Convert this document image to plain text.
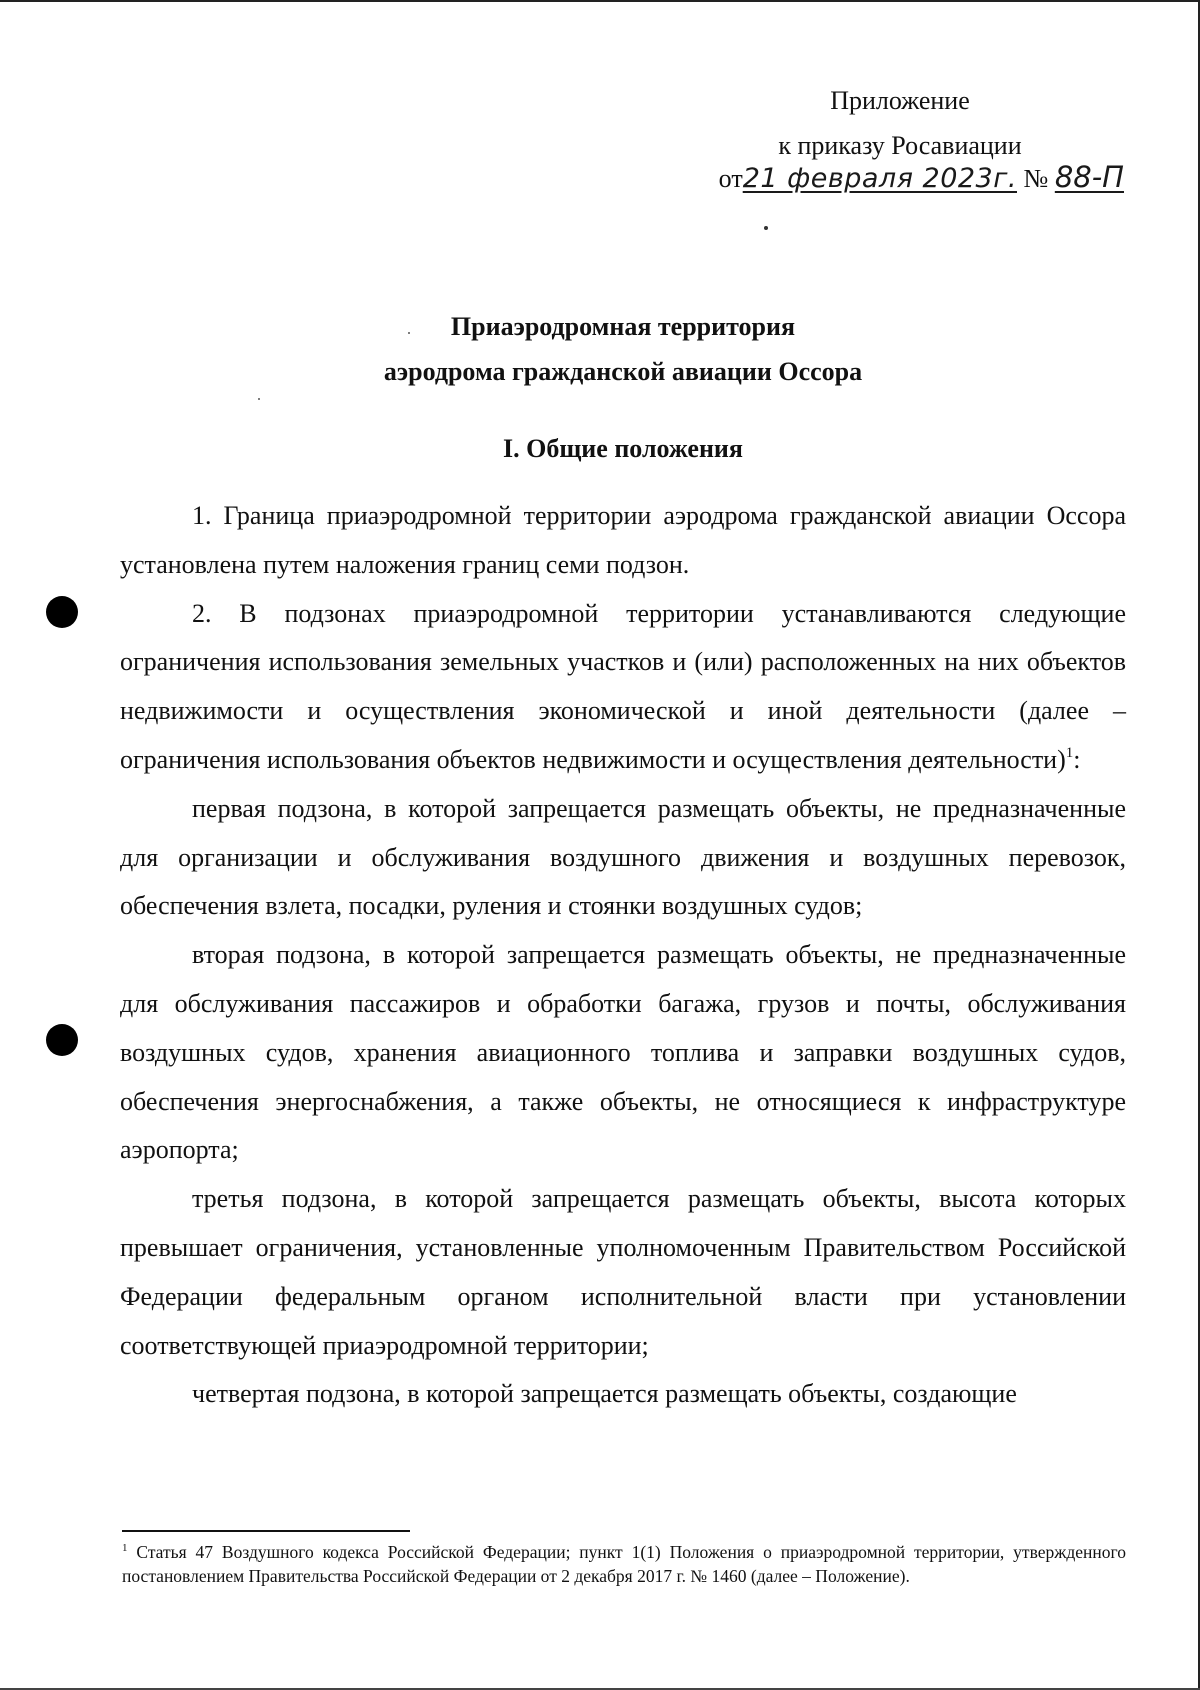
Приложение
к приказу Росавиации
от21 февраля 2023г. № 88-П
Приаэродромная территория
аэродрома гражданской авиации Оссора
I. Общие положения

1. Граница приаэродромной территории аэродрома гражданской авиации Оссора установлена путем наложения границ семи подзон.

2. В подзонах приаэродромной территории устанавливаются следующие ограничения использования земельных участков и (или) расположенных на них объектов недвижимости и осуществления экономической и иной деятельности (далее – ограничения использования объектов недвижимости и осуществления деятельности)$^1$:

первая подзона, в которой запрещается размещать объекты, не предназначенные для организации и обслуживания воздушного движения и воздушных перевозок, обеспечения взлета, посадки, руления и стоянки воздушных судов;

вторая подзона, в которой запрещается размещать объекты, не предназначенные для обслуживания пассажиров и обработки багажа, грузов и почты, обслуживания воздушных судов, хранения авиационного топлива и заправки воздушных судов, обеспечения энергоснабжения, а также объекты, не относящиеся к инфраструктуре аэропорта;

третья подзона, в которой запрещается размещать объекты, высота которых превышает ограничения, установленные уполномоченным Правительством Российской Федерации федеральным органом исполнительной власти при установлении соответствующей приаэродромной территории;

четвертая подзона, в которой запрещается размещать объекты, создающие

$^1$ Статья 47 Воздушного кодекса Российской Федерации; пункт 1(1) Положения о приаэродромной территории, утвержденного постановлением Правительства Российской Федерации от 2 декабря 2017 г. № 1460 (далее – Положение).
